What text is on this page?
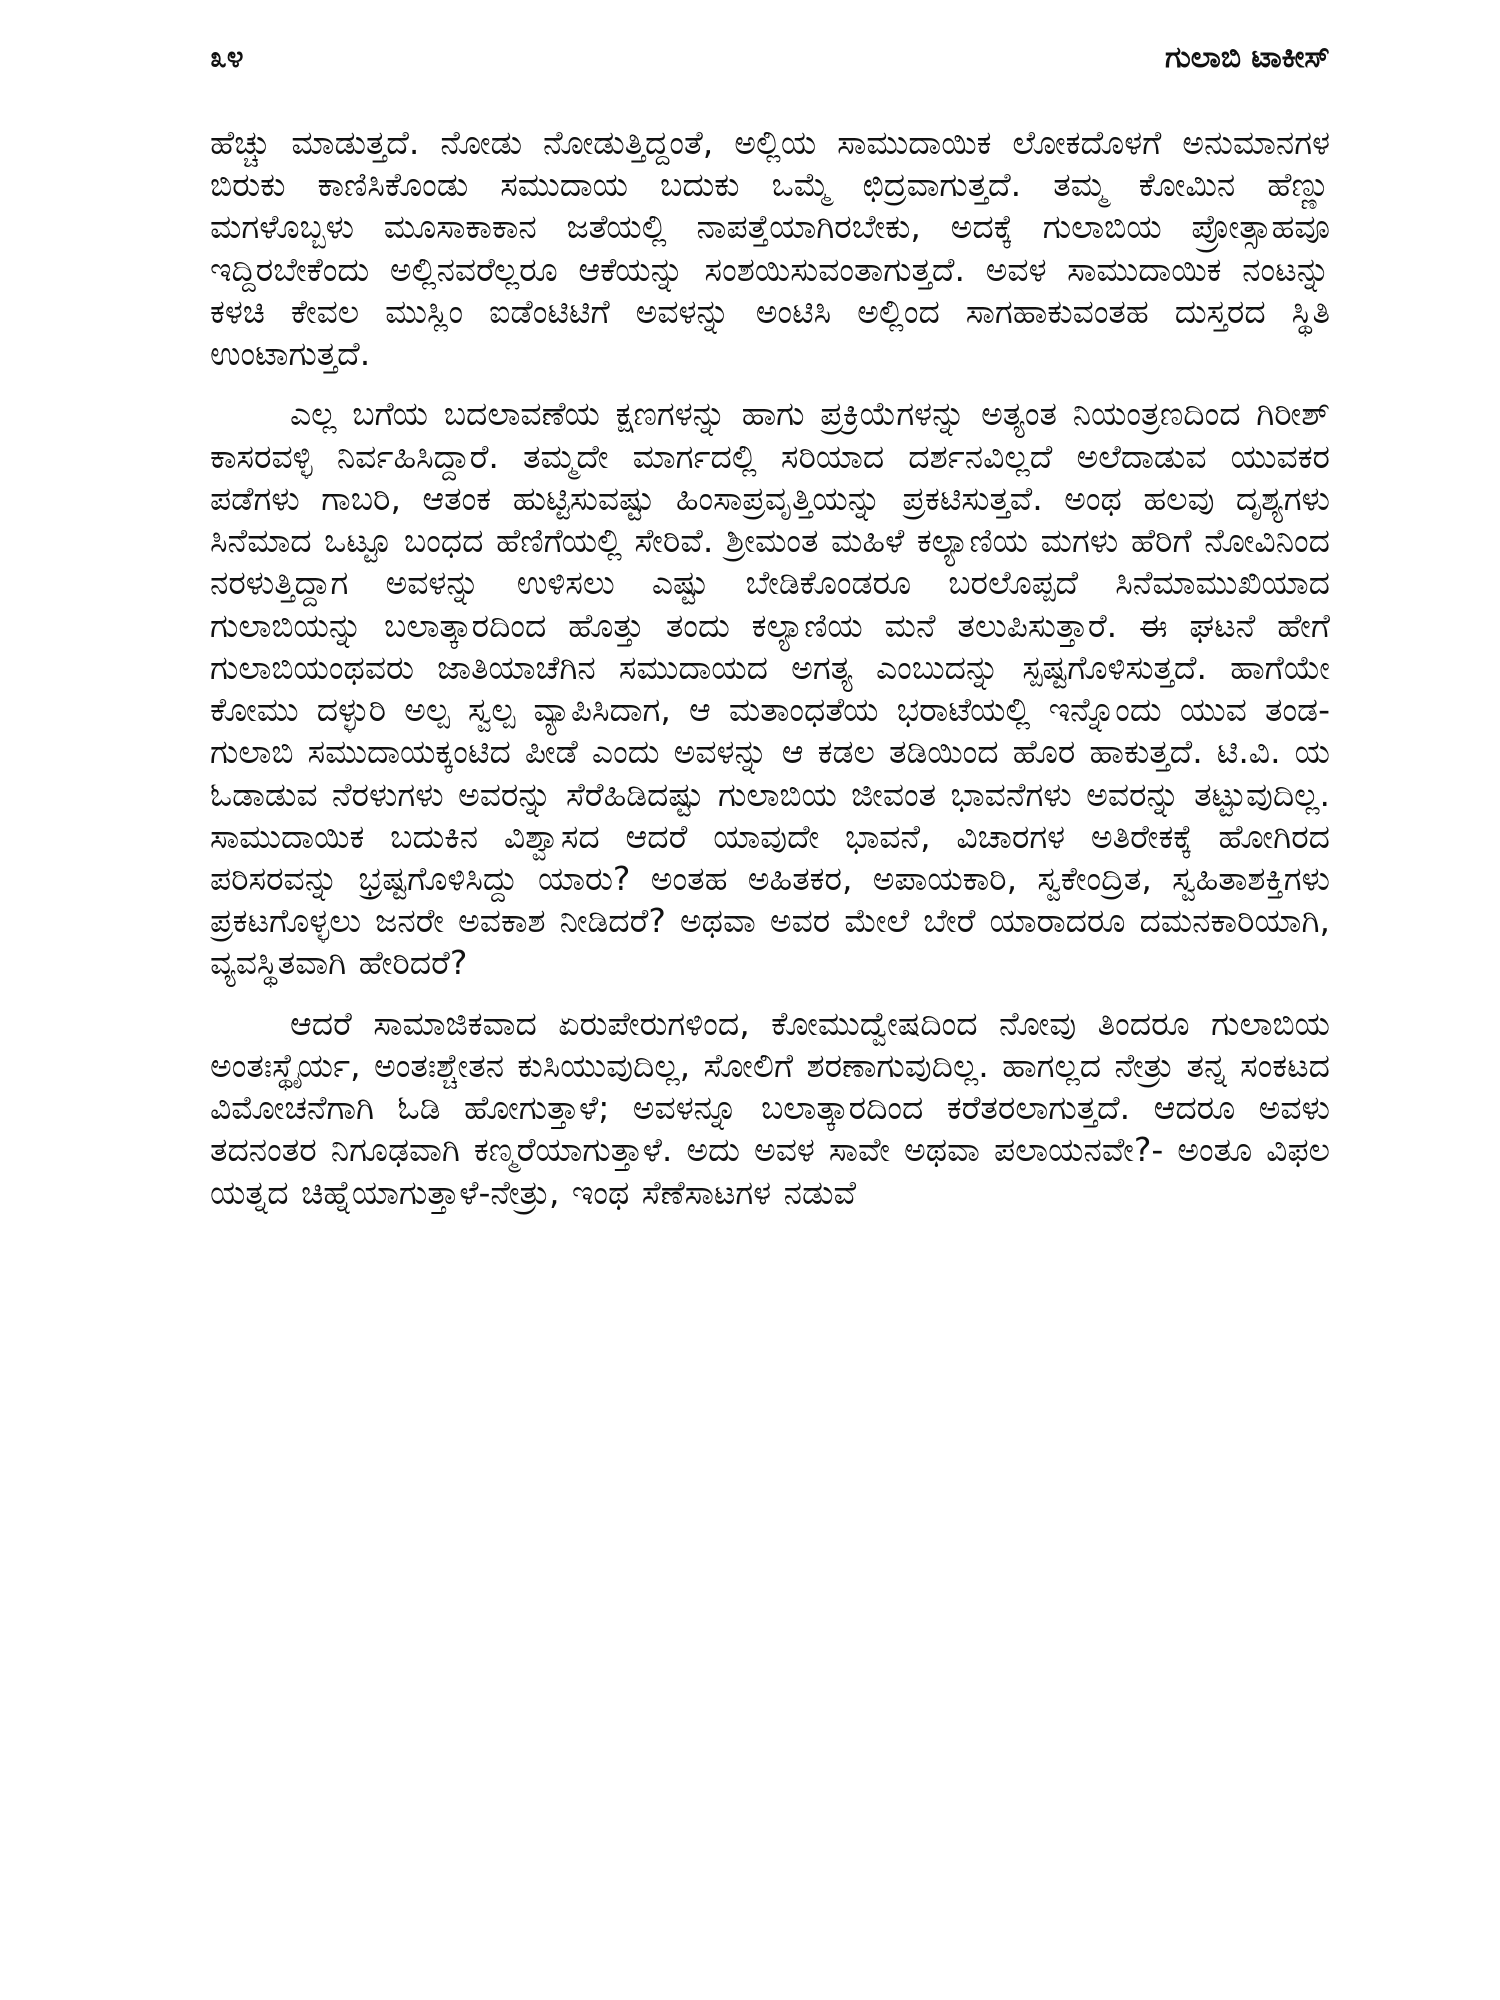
೩೪	ಗುಲಾಬಿ ಟಾಕೀಸ್

ಹೆಚ್ಚು ಮಾಡುತ್ತದೆ. ನೋಡು ನೋಡುತ್ತಿದ್ದಂತೆ, ಅಲ್ಲಿಯ ಸಾಮುದಾಯಿಕ ಲೋಕದೊಳಗೆ ಅನುಮಾನಗಳ ಬಿರುಕು ಕಾಣಿಸಿಕೊಂಡು ಸಮುದಾಯ ಬದುಕು ಒಮ್ಮೆ ಛಿದ್ರವಾಗುತ್ತದೆ. ತಮ್ಮ ಕೋಮಿನ ಹೆಣ್ಣು ಮಗಳೊಬ್ಬಳು ಮೂಸಾಕಾಕಾನ ಜತೆಯಲ್ಲಿ ನಾಪತ್ತೆಯಾಗಿರಬೇಕು, ಅದಕ್ಕೆ ಗುಲಾಬಿಯ ಪ್ರೋತ್ಸಾಹವೂ ಇದ್ದಿರಬೇಕೆಂದು ಅಲ್ಲಿನವರೆಲ್ಲರೂ ಆಕೆಯನ್ನು ಸಂಶಯಿಸುವಂತಾಗುತ್ತದೆ. ಅವಳ ಸಾಮುದಾಯಿಕ ನಂಟನ್ನು ಕಳಚಿ ಕೇವಲ ಮುಸ್ಲಿಂ ಐಡೆಂಟಿಟಿಗೆ ಅವಳನ್ನು ಅಂಟಿಸಿ ಅಲ್ಲಿಂದ ಸಾಗಹಾಕುವಂತಹ ದುಸ್ತರದ ಸ್ಥಿತಿ ಉಂಟಾಗುತ್ತದೆ.

ಎಲ್ಲ ಬಗೆಯ ಬದಲಾವಣೆಯ ಕ್ಷಣಗಳನ್ನು ಹಾಗು ಪ್ರಕ್ರಿಯೆಗಳನ್ನು ಅತ್ಯಂತ ನಿಯಂತ್ರಣದಿಂದ ಗಿರೀಶ್ ಕಾಸರವಳ್ಳಿ ನಿರ್ವಹಿಸಿದ್ದಾರೆ. ತಮ್ಮದೇ ಮಾರ್ಗದಲ್ಲಿ ಸರಿಯಾದ ದರ್ಶನವಿಲ್ಲದೆ ಅಲೆದಾಡುವ ಯುವಕರ ಪಡೆಗಳು ಗಾಬರಿ, ಆತಂಕ ಹುಟ್ಟಿಸುವಷ್ಟು ಹಿಂಸಾಪ್ರವೃತ್ತಿಯನ್ನು ಪ್ರಕಟಿಸುತ್ತವೆ. ಅಂಥ ಹಲವು ದೃಶ್ಯಗಳು ಸಿನೆಮಾದ ಒಟ್ಟೂ ಬಂಧದ ಹೆಣಿಗೆಯಲ್ಲಿ ಸೇರಿವೆ. ಶ್ರೀಮಂತ ಮಹಿಳೆ ಕಲ್ಯಾಣಿಯ ಮಗಳು ಹೆರಿಗೆ ನೋವಿನಿಂದ ನರಳುತ್ತಿದ್ದಾಗ ಅವಳನ್ನು ಉಳಿಸಲು ಎಷ್ಟು ಬೇಡಿಕೊಂಡರೂ ಬರಲೊಪ್ಪದೆ ಸಿನೆಮಾಮುಖಿಯಾದ ಗುಲಾಬಿಯನ್ನು ಬಲಾತ್ಕಾರದಿಂದ ಹೊತ್ತು ತಂದು ಕಲ್ಯಾಣಿಯ ಮನೆ ತಲುಪಿಸುತ್ತಾರೆ. ಈ ಘಟನೆ ಹೇಗೆ ಗುಲಾಬಿಯಂಥವರು ಜಾತಿಯಾಚೆಗಿನ ಸಮುದಾಯದ ಅಗತ್ಯ ಎಂಬುದನ್ನು ಸ್ಪಷ್ಟಗೊಳಿಸುತ್ತದೆ. ಹಾಗೆಯೇ ಕೋಮು ದಳ್ಳುರಿ ಅಲ್ಪ ಸ್ವಲ್ಪ ವ್ಯಾಪಿಸಿದಾಗ, ಆ ಮತಾಂಧತೆಯ ಭರಾಟೆಯಲ್ಲಿ ಇನ್ನೊಂದು ಯುವ ತಂಡ-ಗುಲಾಬಿ ಸಮುದಾಯಕ್ಕಂಟಿದ ಪೀಡೆ ಎಂದು ಅವಳನ್ನು ಆ ಕಡಲ ತಡಿಯಿಂದ ಹೊರ ಹಾಕುತ್ತದೆ. ಟಿ.ವಿ. ಯ ಓಡಾಡುವ ನೆರಳುಗಳು ಅವರನ್ನು ಸೆರೆಹಿಡಿದಷ್ಟು ಗುಲಾಬಿಯ ಜೀವಂತ ಭಾವನೆಗಳು ಅವರನ್ನು ತಟ್ಟುವುದಿಲ್ಲ. ಸಾಮುದಾಯಿಕ ಬದುಕಿನ ವಿಶ್ವಾಸದ ಆದರೆ ಯಾವುದೇ ಭಾವನೆ, ವಿಚಾರಗಳ ಅತಿರೇಕಕ್ಕೆ ಹೋಗಿರದ ಪರಿಸರವನ್ನು ಭ್ರಷ್ಟಗೊಳಿಸಿದ್ದು ಯಾರು? ಅಂತಹ ಅಹಿತಕರ, ಅಪಾಯಕಾರಿ, ಸ್ವಕೇಂದ್ರಿತ, ಸ್ವಹಿತಾಶಕ್ತಿಗಳು ಪ್ರಕಟಗೊಳ್ಳಲು ಜನರೇ ಅವಕಾಶ ನೀಡಿದರೆ? ಅಥವಾ ಅವರ ಮೇಲೆ ಬೇರೆ ಯಾರಾದರೂ ದಮನಕಾರಿಯಾಗಿ, ವ್ಯವಸ್ಥಿತವಾಗಿ ಹೇರಿದರೆ?

ಆದರೆ ಸಾಮಾಜಿಕವಾದ ಏರುಪೇರುಗಳಿಂದ, ಕೋಮುದ್ವೇಷದಿಂದ ನೋವು ತಿಂದರೂ ಗುಲಾಬಿಯ ಅಂತಃಸ್ಥೈರ್ಯ, ಅಂತಃಶ್ಚೇತನ ಕುಸಿಯುವುದಿಲ್ಲ, ಸೋಲಿಗೆ ಶರಣಾಗುವುದಿಲ್ಲ. ಹಾಗಲ್ಲದ ನೇತ್ರು ತನ್ನ ಸಂಕಟದ ವಿಮೋಚನೆಗಾಗಿ ಓಡಿ ಹೋಗುತ್ತಾಳೆ; ಅವಳನ್ನೂ ಬಲಾತ್ಕಾರದಿಂದ ಕರೆತರಲಾಗುತ್ತದೆ. ಆದರೂ ಅವಳು ತದನಂತರ ನಿಗೂಢವಾಗಿ ಕಣ್ಮರೆಯಾಗುತ್ತಾಳೆ. ಅದು ಅವಳ ಸಾವೇ ಅಥವಾ ಪಲಾಯನವೇ?- ಅಂತೂ ವಿಫಲ ಯತ್ನದ ಚಿಹ್ನೆಯಾಗುತ್ತಾಳೆ-ನೇತ್ರು, ಇಂಥ ಸೆಣೆಸಾಟಗಳ ನಡುವೆ
